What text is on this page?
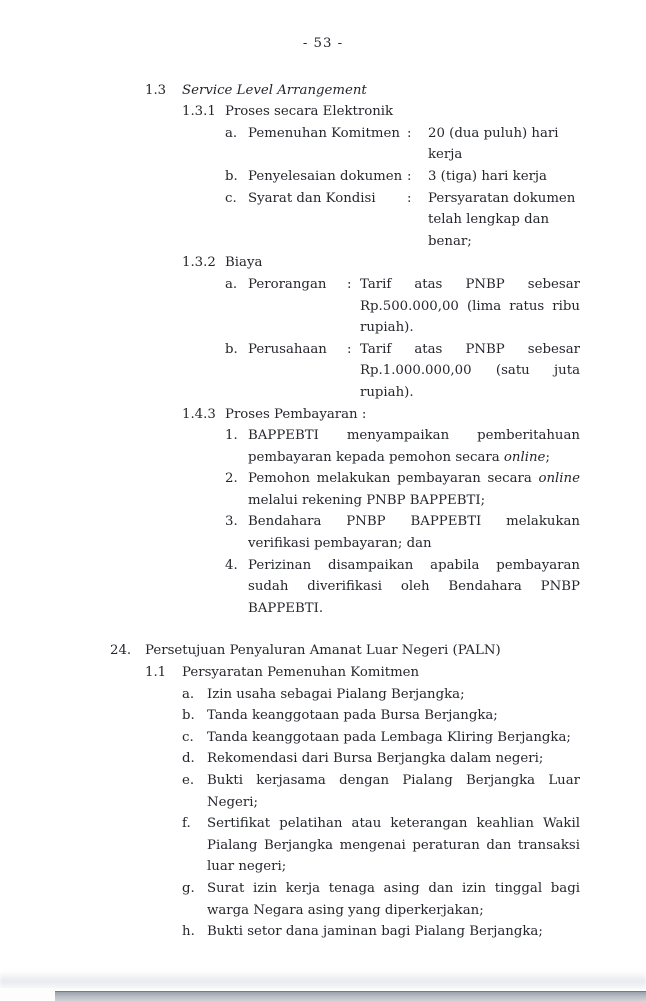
- 53 -
1.3	Service Level Arrangement
1.3.1 Proses secara Elektronik
a. Pemenuhan Komitmen :	20 (dua puluh) hari kerja
b. Penyelesaian dokumen :	3 (tiga) hari kerja
c. Syarat dan Kondisi	:	Persyaratan dokumen telah lengkap dan benar;
1.3.2 Biaya
a. Perorangan	: Tarif atas PNBP sebesar Rp.500.000,00 (lima ratus ribu rupiah).
b. Perusahaan	: Tarif atas PNBP sebesar Rp.1.000.000,00 (satu juta rupiah).
1.4.3 Proses Pembayaran :
1. BAPPEBTI menyampaikan pemberitahuan pembayaran kepada pemohon secara online;
2. Pemohon melakukan pembayaran secara online melalui rekening PNBP BAPPEBTI;
3. Bendahara PNBP BAPPEBTI melakukan verifikasi pembayaran; dan
4. Perizinan disampaikan apabila pembayaran sudah diverifikasi oleh Bendahara PNBP BAPPEBTI.
24.	Persetujuan Penyaluran Amanat Luar Negeri (PALN)
1.1	Persyaratan Pemenuhan Komitmen
a. Izin usaha sebagai Pialang Berjangka;
b. Tanda keanggotaan pada Bursa Berjangka;
c.	Tanda keanggotaan pada Lembaga Kliring Berjangka;
d. Rekomendasi dari Bursa Berjangka dalam negeri;
e. Bukti kerjasama dengan Pialang Berjangka Luar Negeri;
f.	Sertifikat pelatihan atau keterangan keahlian Wakil Pialang Berjangka mengenai peraturan dan transaksi luar negeri;
g. Surat izin kerja tenaga asing dan izin tinggal bagi warga Negara asing yang diperkerjakan;
h. Bukti setor dana jaminan bagi Pialang Berjangka;
